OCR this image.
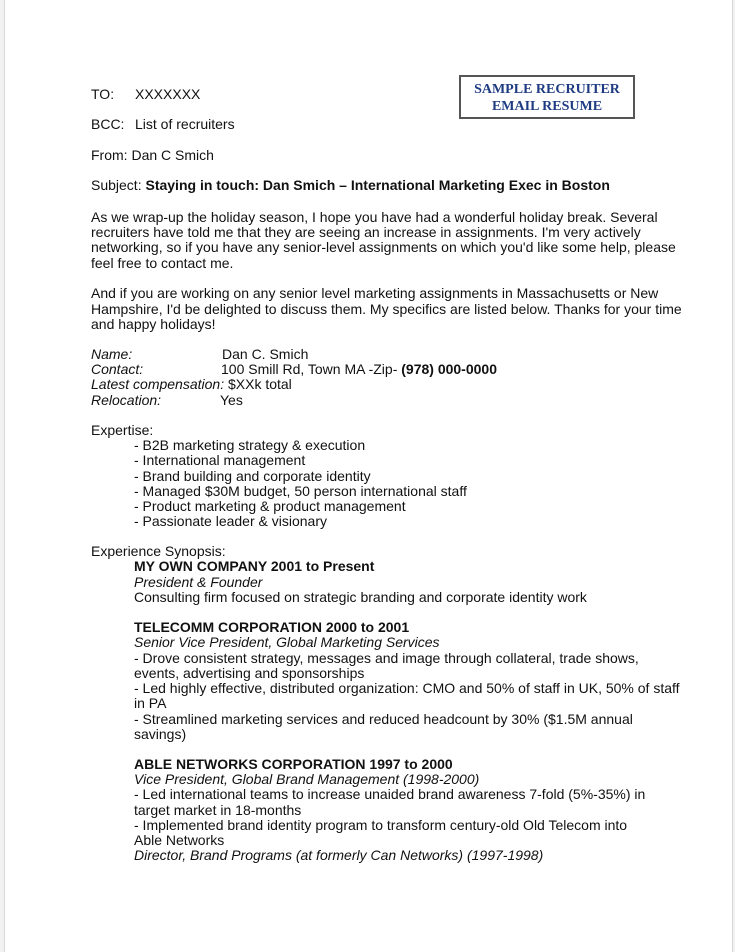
SAMPLE RECRUITER
EMAIL RESUME
TO: XXXXXXX
BCC: List of recruiters
From: Dan C Smich
Subject: Staying in touch: Dan Smich – International Marketing Exec in Boston
As we wrap-up the holiday season, I hope you have had a wonderful holiday break. Several
recruiters have told me that they are seeing an increase in assignments. I'm very actively
networking, so if you have any senior-level assignments on which you'd like some help, please
feel free to contact me.
And if you are working on any senior level marketing assignments in Massachusetts or New
Hampshire, I'd be delighted to discuss them. My specifics are listed below. Thanks for your time
and happy holidays!
Name:	Dan C. Smich
Contact:	100 Smill Rd, Town MA -Zip- (978) 000-0000
Latest compensation: $XXk total
Relocation:	Yes
Expertise:
- B2B marketing strategy & execution
- International management
- Brand building and corporate identity
- Managed $30M budget, 50 person international staff
- Product marketing & product management
- Passionate leader & visionary
Experience Synopsis:
MY OWN COMPANY 2001 to Present
President & Founder
Consulting firm focused on strategic branding and corporate identity work
TELECOMM CORPORATION 2000 to 2001
Senior Vice President, Global Marketing Services
- Drove consistent strategy, messages and image through collateral, trade shows,
events, advertising and sponsorships
- Led highly effective, distributed organization: CMO and 50% of staff in UK, 50% of staff
in PA
- Streamlined marketing services and reduced headcount by 30% ($1.5M annual
savings)
ABLE NETWORKS CORPORATION 1997 to 2000
Vice President, Global Brand Management (1998-2000)
- Led international teams to increase unaided brand awareness 7-fold (5%-35%) in
target market in 18-months
- Implemented brand identity program to transform century-old Old Telecom into
Able Networks
Director, Brand Programs (at formerly Can Networks) (1997-1998)
